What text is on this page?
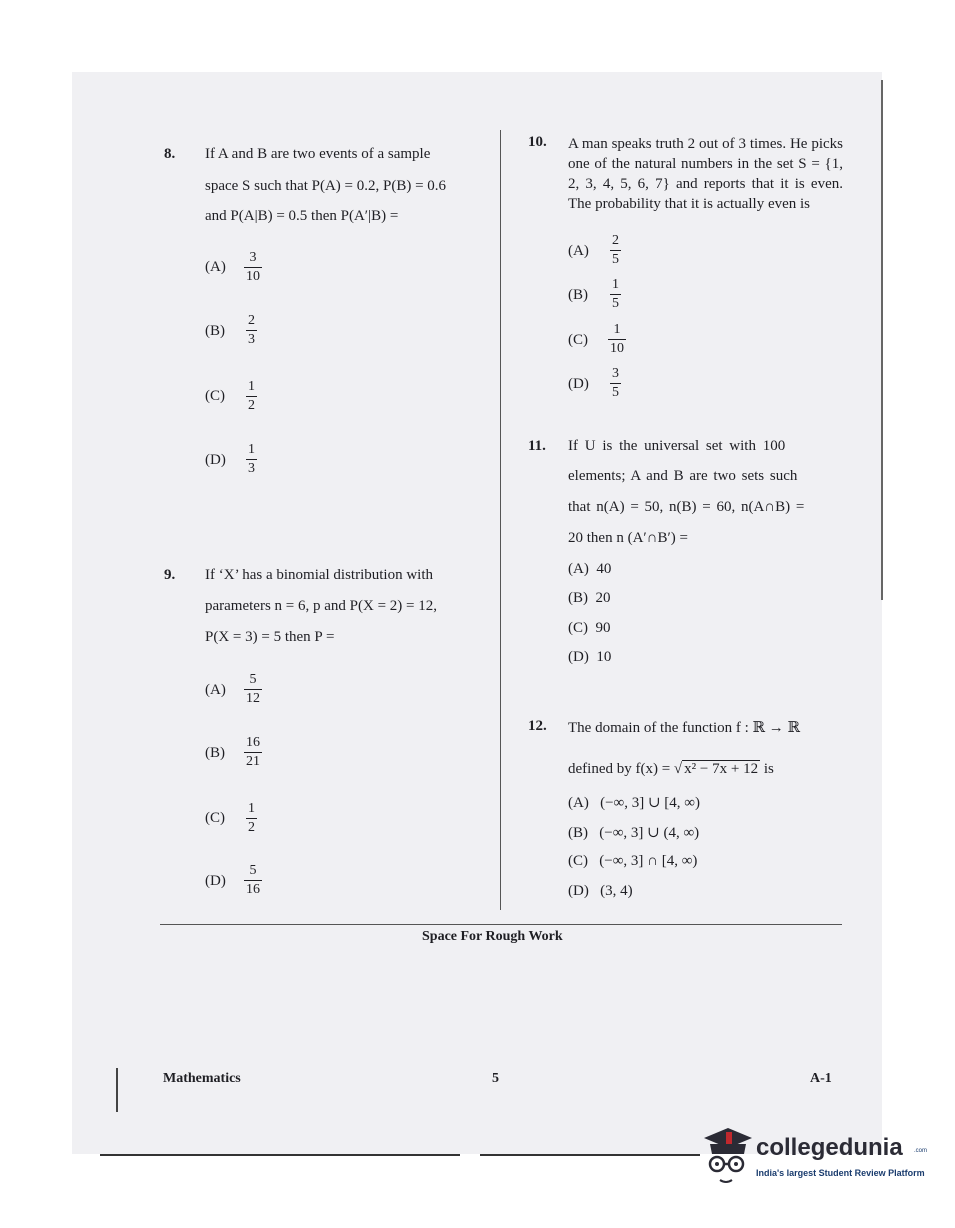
8. If A and B are two events of a sample
space S such that P(A) = 0.2, P(B) = 0.6
and P(A|B) = 0.5 then P(A′|B) =
(A)
3
10
(B)
2
3
(C)
1
2
(D)
1
3
9. If ‘X’ has a binomial distribution with
parameters n = 6, p and P(X = 2) = 12,
P(X = 3) = 5 then P =
(A)
5
12
(B)
16
21
(C)
1
2
(D)
5
16
10. A man speaks truth 2 out of 3 times. He picks one of the natural numbers in the set S = {1, 2, 3, 4, 5, 6, 7} and reports that it is even. The probability that it is actually even is
(A)
2
5
(B)
1
5
(C)
1
10
(D)
3
5
11. If U is the universal set with 100
elements; A and B are two sets such
that n(A) = 50, n(B) = 60, n(A∩B) =
20 then n (A′∩B′) =
(A) 40
(B) 20
(C) 90
(D) 10
12. The domain of the function f : ℝ → ℝ
defined by f(x) = √ x² − 7x + 12 is
(A) (−∞, 3] ∪ [4, ∞)
(B) (−∞, 3] ∪ (4, ∞)
(C) (−∞, 3] ∩ [4, ∞)
(D) (3, 4)
Space For Rough Work
Mathematics	5	A-1
collegedunia .com
India's largest Student Review Platform
